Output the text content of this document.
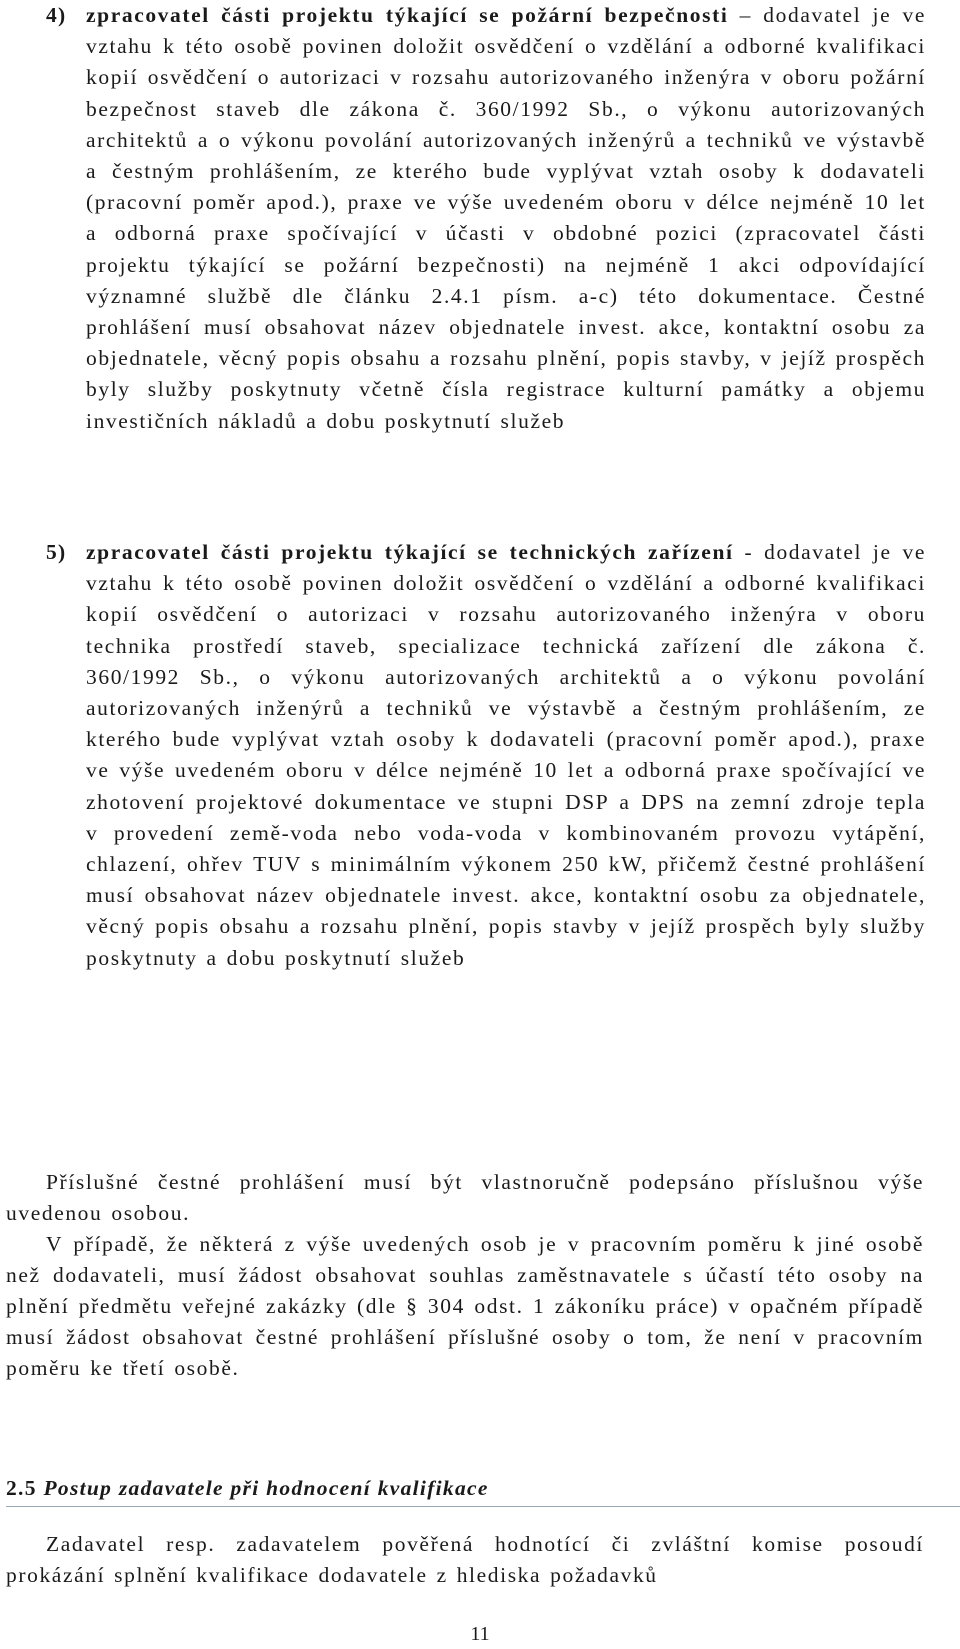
4) zpracovatel části projektu týkající se požární bezpečnosti – dodavatel je ve vztahu k této osobě povinen doložit osvědčení o vzdělání a odborné kvalifikaci kopií osvědčení o autorizaci v rozsahu autorizovaného inženýra v oboru požární bezpečnost staveb dle zákona č. 360/1992 Sb., o výkonu autorizovaných architektů a o výkonu povolání autorizovaných inženýrů a techniků ve výstavbě a čestným prohlášením, ze kterého bude vyplývat vztah osoby k dodavateli (pracovní poměr apod.), praxe ve výše uvedeném oboru v délce nejméně 10 let a odborná praxe spočívající v účasti v obdobné pozici (zpracovatel části projektu týkající se požární bezpečnosti) na nejméně 1 akci odpovídající významné službě dle článku 2.4.1 písm. a-c) této dokumentace. Čestné prohlášení musí obsahovat název objednatele invest. akce, kontaktní osobu za objednatele, věcný popis obsahu a rozsahu plnění, popis stavby, v jejíž prospěch byly služby poskytnuty včetně čísla registrace kulturní památky a objemu investičních nákladů a dobu poskytnutí služeb
5) zpracovatel části projektu týkající se technických zařízení - dodavatel je ve vztahu k této osobě povinen doložit osvědčení o vzdělání a odborné kvalifikaci kopií osvědčení o autorizaci v rozsahu autorizovaného inženýra v oboru technika prostředí staveb, specializace technická zařízení dle zákona č. 360/1992 Sb., o výkonu autorizovaných architektů a o výkonu povolání autorizovaných inženýrů a techniků ve výstavbě a čestným prohlášením, ze kterého bude vyplývat vztah osoby k dodavateli (pracovní poměr apod.), praxe ve výše uvedeném oboru v délce nejméně 10 let a odborná praxe spočívající ve zhotovení projektové dokumentace ve stupni DSP a DPS na zemní zdroje tepla v provedení země-voda nebo voda-voda v kombinovaném provozu vytápění, chlazení, ohřev TUV s minimálním výkonem 250 kW, přičemž čestné prohlášení musí obsahovat název objednatele invest. akce, kontaktní osobu za objednatele, věcný popis obsahu a rozsahu plnění, popis stavby v jejíž prospěch byly služby poskytnuty a dobu poskytnutí služeb

Příslušné čestné prohlášení musí být vlastnoručně podepsáno příslušnou výše uvedenou osobou.

V případě, že některá z výše uvedených osob je v pracovním poměru k jiné osobě než dodavateli, musí žádost obsahovat souhlas zaměstnavatele s účastí této osoby na plnění předmětu veřejné zakázky (dle § 304 odst. 1 zákoníku práce) v opačném případě musí žádost obsahovat čestné prohlášení příslušné osoby o tom, že není v pracovním poměru ke třetí osobě.

2.5 Postup zadavatele při hodnocení kvalifikace

Zadavatel resp. zadavatelem pověřená hodnotící či zvláštní komise posoudí prokázání splnění kvalifikace dodavatele z hlediska požadavků

11
